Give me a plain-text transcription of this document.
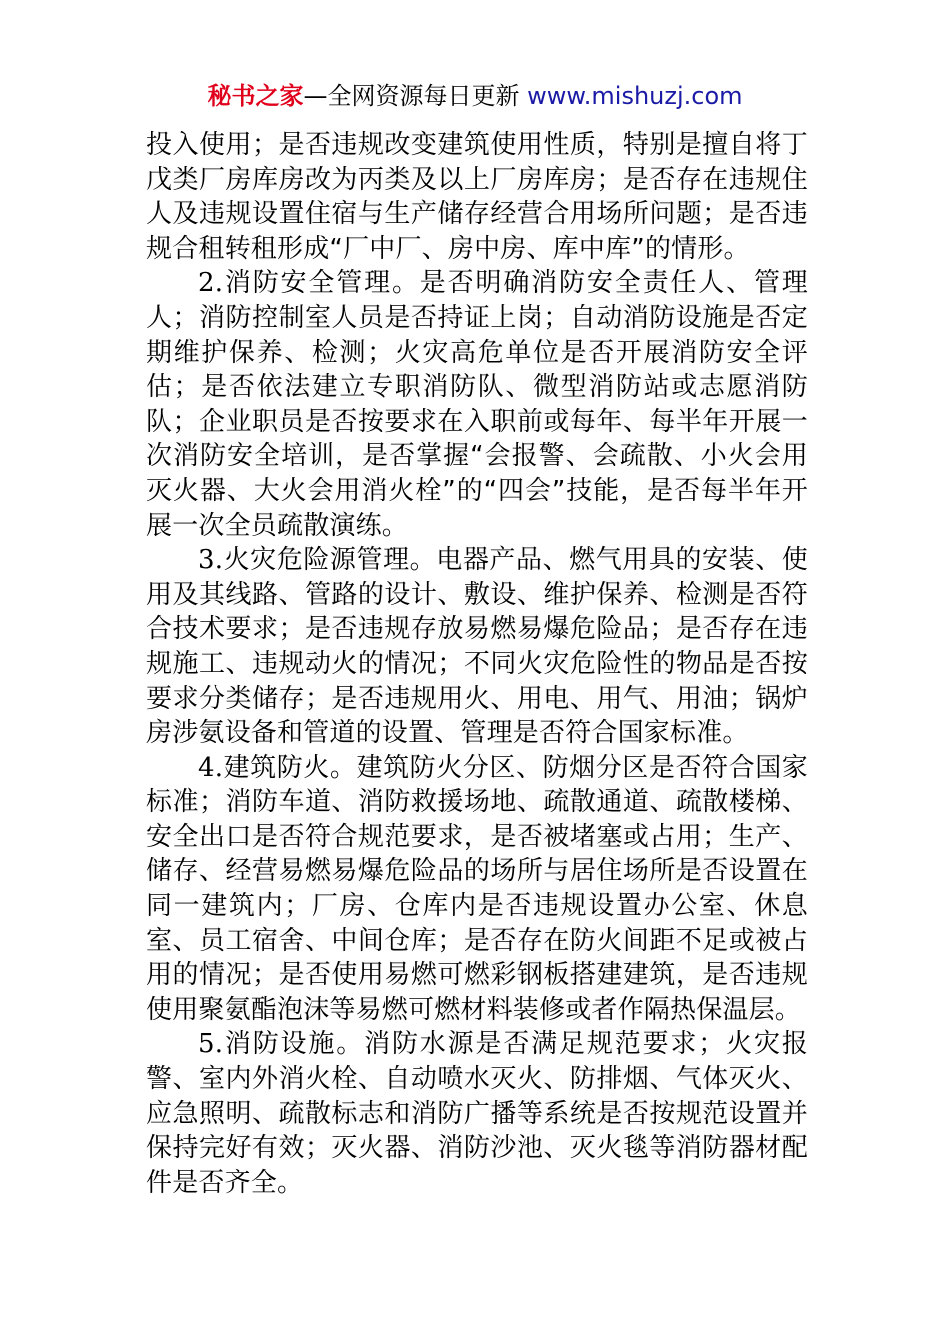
秘书之家—全网资源每日更新 www.mishuzj.com

投入使用；是否违规改变建筑使用性质，特别是擅自将丁戊类厂房库房改为丙类及以上厂房库房；是否存在违规住人及违规设置住宿与生产储存经营合用场所问题；是否违规合租转租形成“厂中厂、房中房、库中库”的情形。

2.消防安全管理。是否明确消防安全责任人、管理人；消防控制室人员是否持证上岗；自动消防设施是否定期维护保养、检测；火灾高危单位是否开展消防安全评估；是否依法建立专职消防队、微型消防站或志愿消防队；企业职员是否按要求在入职前或每年、每半年开展一次消防安全培训，是否掌握“会报警、会疏散、小火会用灭火器、大火会用消火栓”的“四会”技能，是否每半年开展一次全员疏散演练。

3.火灾危险源管理。电器产品、燃气用具的安装、使用及其线路、管路的设计、敷设、维护保养、检测是否符合技术要求；是否违规存放易燃易爆危险品；是否存在违规施工、违规动火的情况；不同火灾危险性的物品是否按要求分类储存；是否违规用火、用电、用气、用油；锅炉房涉氨设备和管道的设置、管理是否符合国家标准。

4.建筑防火。建筑防火分区、防烟分区是否符合国家标准；消防车道、消防救援场地、疏散通道、疏散楼梯、安全出口是否符合规范要求，是否被堵塞或占用；生产、储存、经营易燃易爆危险品的场所与居住场所是否设置在同一建筑内；厂房、仓库内是否违规设置办公室、休息室、员工宿舍、中间仓库；是否存在防火间距不足或被占用的情况；是否使用易燃可燃彩钢板搭建建筑，是否违规使用聚氨酯泡沫等易燃可燃材料装修或者作隔热保温层。

5.消防设施。消防水源是否满足规范要求；火灾报警、室内外消火栓、自动喷水灭火、防排烟、气体灭火、应急照明、疏散标志和消防广播等系统是否按规范设置并保持完好有效；灭火器、消防沙池、灭火毯等消防器材配件是否齐全。
